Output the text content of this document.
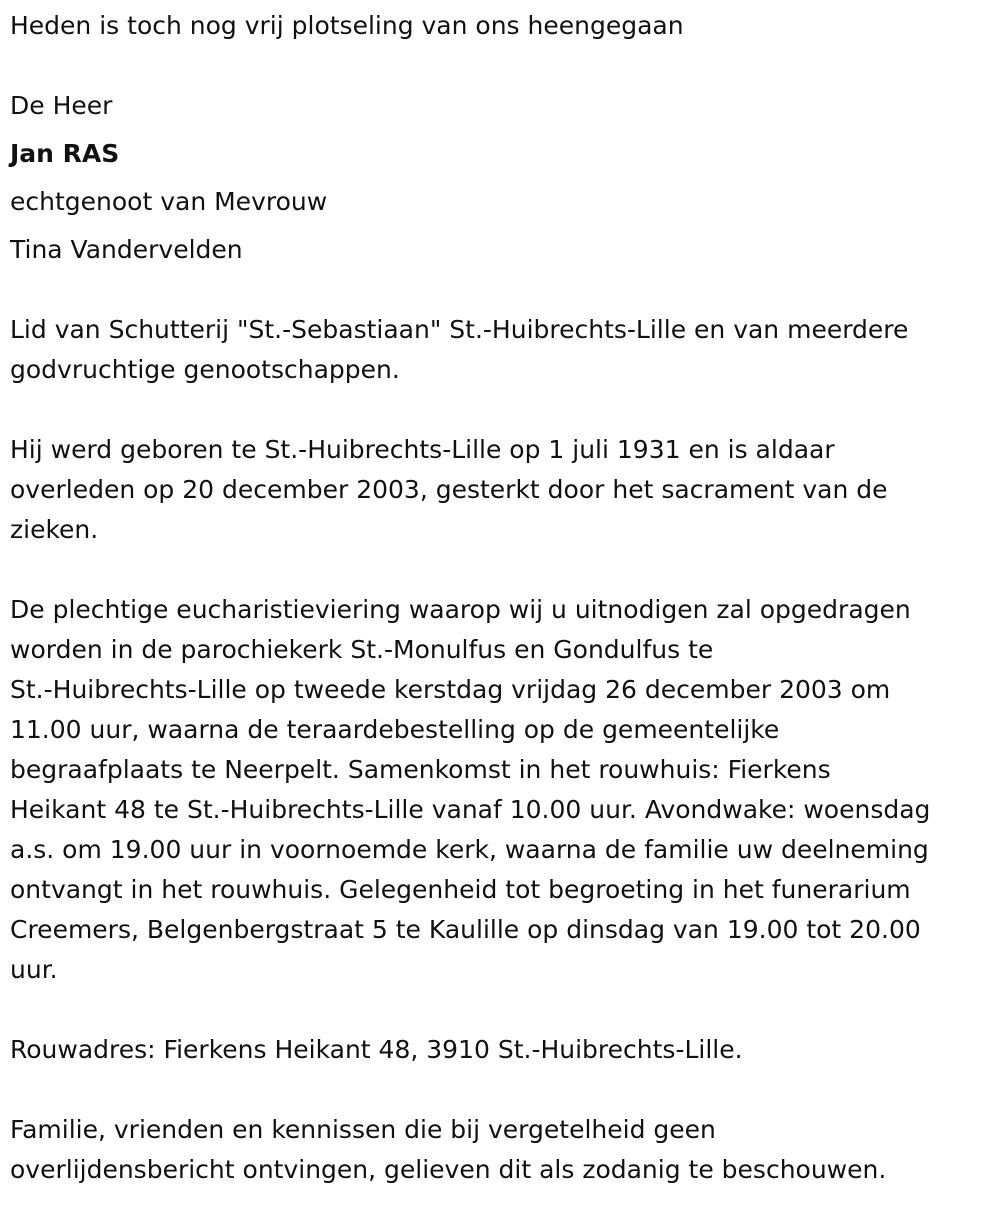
Heden is toch nog vrij plotseling van ons heengegaan

De Heer

Jan RAS

echtgenoot van Mevrouw

Tina Vandervelden

Lid van Schutterij "St.-Sebastiaan" St.-Huibrechts-Lille en van meerdere
godvruchtige genootschappen.
Hij werd geboren te St.-Huibrechts-Lille op 1 juli 1931 en is aldaar
overleden op 20 december 2003, gesterkt door het sacrament van de
zieken.
De plechtige eucharistieviering waarop wij u uitnodigen zal opgedragen
worden in de parochiekerk St.-Monulfus en Gondulfus te
St.-Huibrechts-Lille op tweede kerstdag vrijdag 26 december 2003 om
11.00 uur, waarna de teraardebestelling op de gemeentelijke
begraafplaats te Neerpelt. Samenkomst in het rouwhuis: Fierkens
Heikant 48 te St.-Huibrechts-Lille vanaf 10.00 uur. Avondwake: woensdag
a.s. om 19.00 uur in voornoemde kerk, waarna de familie uw deelneming
ontvangt in het rouwhuis. Gelegenheid tot begroeting in het funerarium
Creemers, Belgenbergstraat 5 te Kaulille op dinsdag van 19.00 tot 20.00
uur.

Rouwadres: Fierkens Heikant 48, 3910 St.-Huibrechts-Lille.

Familie, vrienden en kennissen die bij vergetelheid geen
overlijdensbericht ontvingen, gelieven dit als zodanig te beschouwen.
